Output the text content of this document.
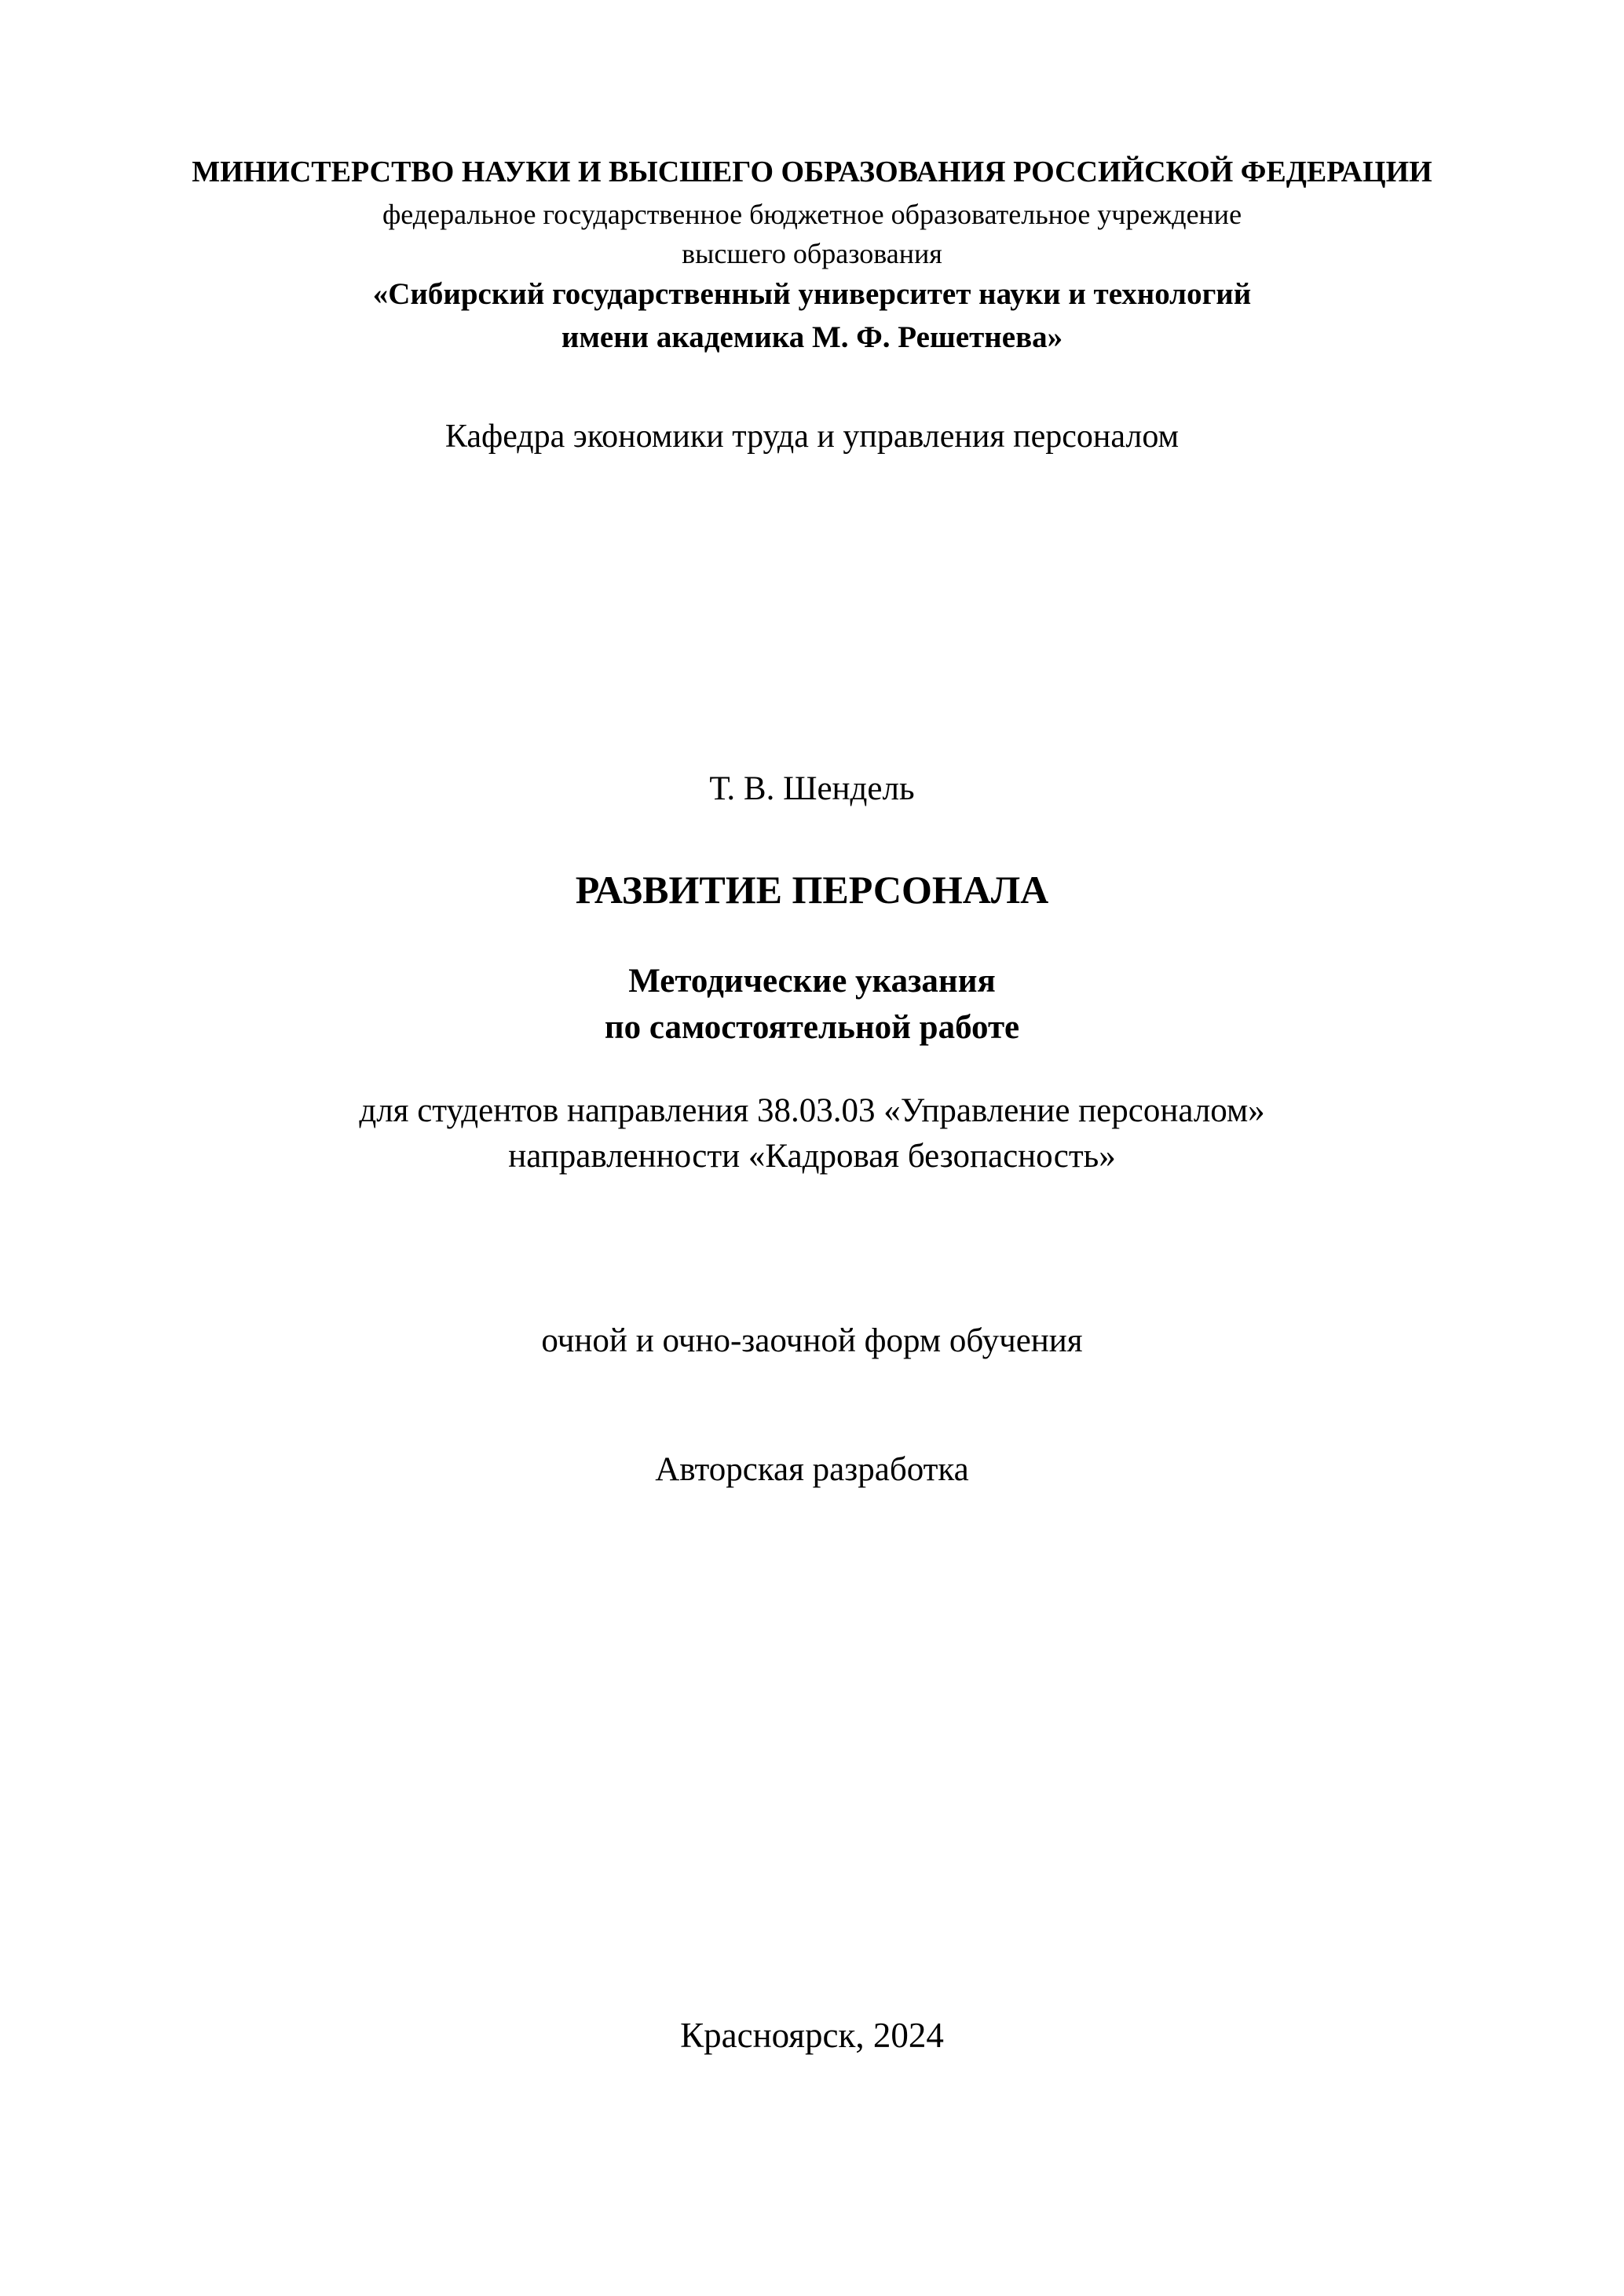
МИНИСТЕРСТВО НАУКИ И ВЫСШЕГО ОБРАЗОВАНИЯ РОССИЙСКОЙ ФЕДЕРАЦИИ
федеральное государственное бюджетное образовательное учреждение
высшего образования
«Сибирский государственный университет науки и технологий
имени академика М. Ф. Решетнева»
Кафедра экономики труда и управления персоналом
Т. В. Шендель
РАЗВИТИЕ ПЕРСОНАЛА
Методические указания
по самостоятельной работе
для студентов направления 38.03.03 «Управление персоналом»
направленности «Кадровая безопасность»
очной и очно-заочной форм обучения
Авторская разработка
Красноярск, 2024
